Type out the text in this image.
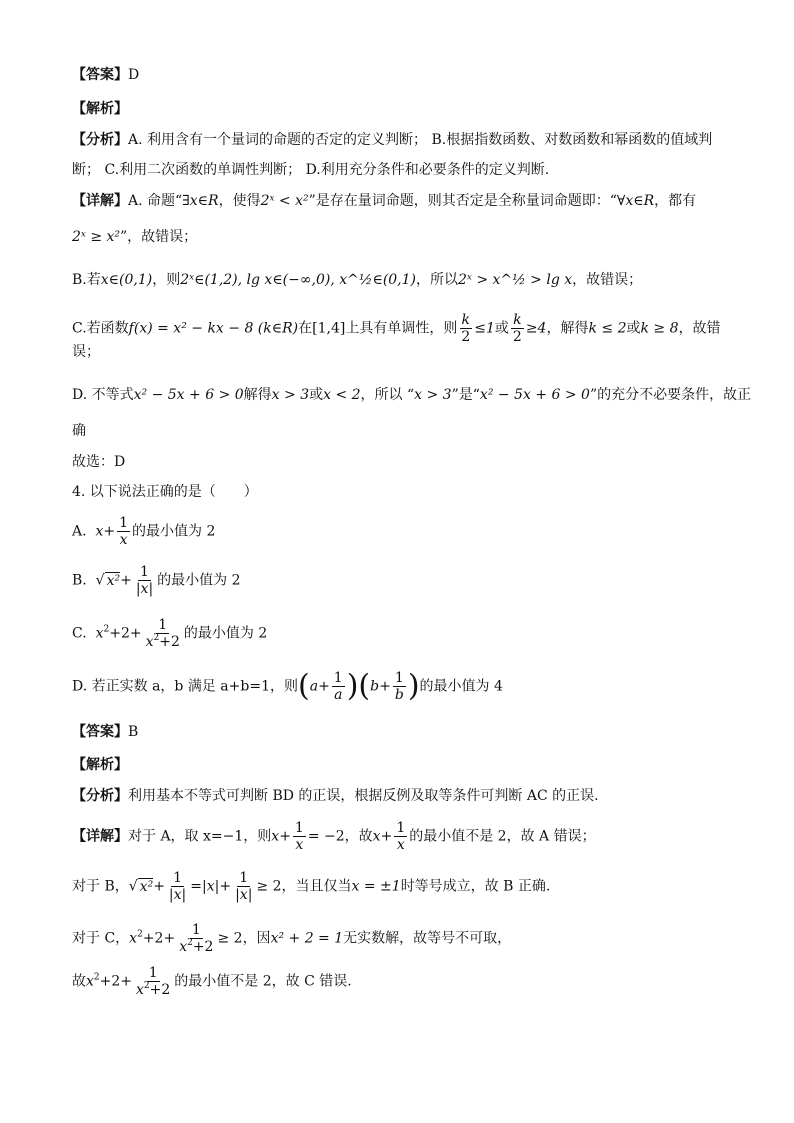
【答案】D
【解析】
【分析】A. 利用含有一个量词的命题的否定的定义判断； B.根据指数函数、对数函数和幂函数的值域判
断； C.利用二次函数的单调性判断； D.利用充分条件和必要条件的定义判断.
【详解】A. 命题“∃x∈R，使得2ˣ < x²”是存在量词命题，则其否定是全称量词命题即：“∀x∈R，都有
2ˣ ≥ x²”，故错误；
B.若x∈(0,1)，则2ˣ∈(1,2), lg x∈(−∞,0), x^½∈(0,1)，所以2ˣ > x^½ > lg x，故错误；
C.若函数f(x) = x² − kx − 8 (k∈R)在[1,4]上具有单调性，则 $\frac{k}{2} \le 1$或 $\frac{k}{2} \ge 4$，解得k ≤ 2或k ≥ 8，故错
误；
D. 不等式x² − 5x + 6 > 0解得x > 3或x < 2，所以 “x > 3”是“x² − 5x + 6 > 0”的充分不必要条件，故正
确
故选：D
4. 以下说法正确的是（　　）
A. $x+ \frac{1}{x}$ 的最小值为 2
B.  √ $x^2+ \frac{1}{|x|}$ 的最小值为 2
C. $x^2+2+ \frac{1}{x^2+2}$ 的最小值为 2
D. 若正实数 a，b 满足 a+b=1，则$(a+ \frac{1}{a} )(b+ \frac{1}{b}$ )的最小值为 4
【答案】B
【解析】
【分析】利用基本不等式可判断 BD 的正误，根据反例及取等条件可判断 AC 的正误.
【详解】对于 A，取 x=−1，则$x+ \frac{1}{x} = -2$，故$x+ \frac{1}{x}$ 的最小值不是 2，故 A 错误；
对于 B，√ $x^2+ \frac{1}{|x|} =|x|+ \frac{1}{|x|} \ge 2$，当且仅当x = ±1时等号成立，故 B 正确.
对于 C，$x^2+2+ \frac{1}{x^2+2} \ge 2$，因x² + 2 = 1无实数解，故等号不可取，
故$x^2+2+ \frac{1}{x^2+2}$ 的最小值不是 2，故 C 错误.
